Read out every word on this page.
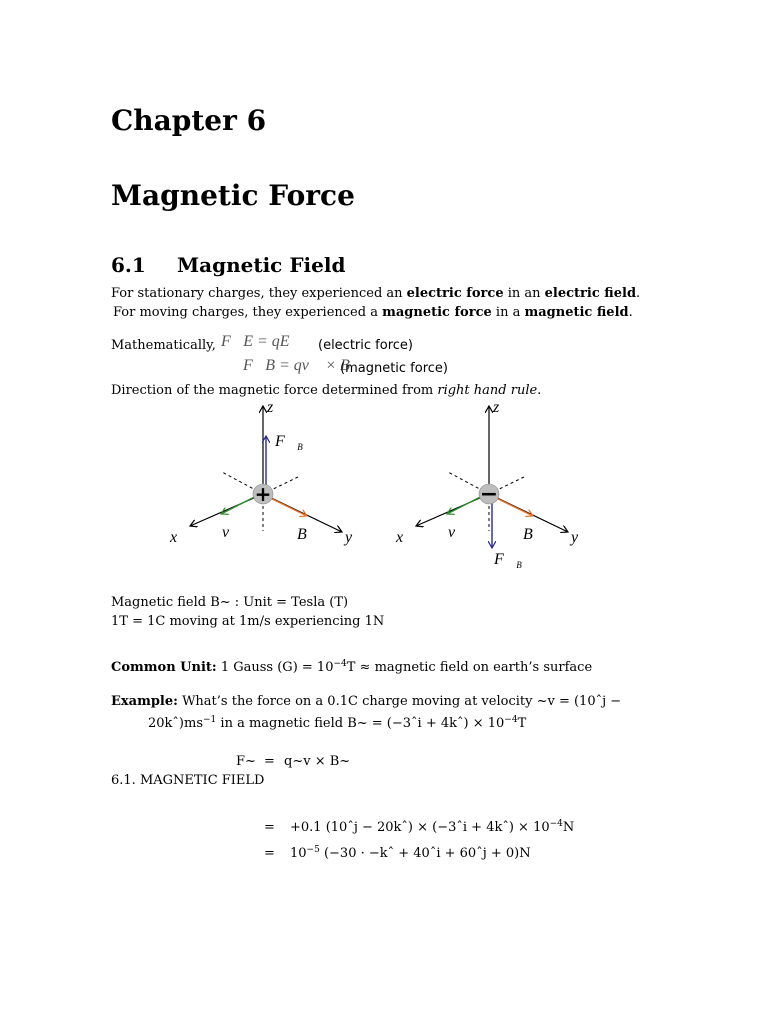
Chapter 6
Magnetic Force
6.1 Magnetic Field
For stationary charges, they experienced an electric force in an electric field.
For moving charges, they experienced a magnetic force in a magnetic field.
Mathematically, F⃗E = qE⃗ (electric force)
F⃗B = qv⃗ × B⃗
(magnetic force)
Direction of the magnetic force determined from right hand rule.
+
z
x	y
v⃗	B⃗
$F⃗_B$
−
z
x	y
v⃗	B⃗
$F⃗_B$
Magnetic field B~ : Unit = Tesla (T)
1T = 1C moving at 1m/s experiencing 1N
Common Unit: 1 Gauss $(G) = 10^{-4}T$ ≈ magnetic field on earth’s surface
Example: What’s the force on a 0.1C charge moving at velocity ~v = (10ˆj −
$20kˆ)ms^{-1}$ in a magnetic field B~ = (−3ˆi + 4kˆ) × $10^{-4}T$
F~ = q~v × B~
6.1. MAGNETIC FIELD
= +0.1 (10ˆj − 20kˆ) × (−3ˆi + 4kˆ) × $10^{-4}N$
= $10^{-5}$ (−30 · −kˆ + 40ˆi + 60ˆj + 0)N
